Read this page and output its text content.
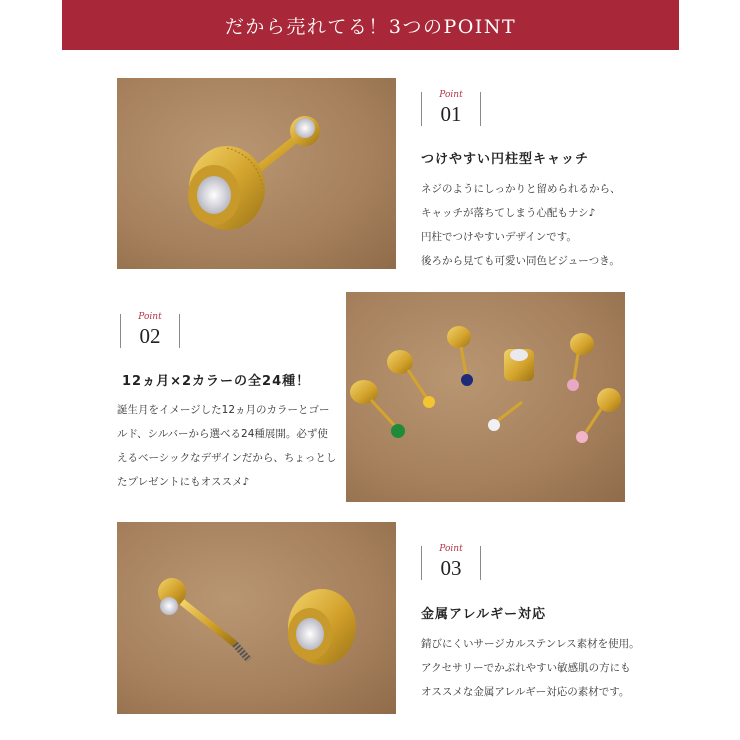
だから売れてる！3つのPOINT
Point
01
つけやすい円柱型キャッチ
ネジのようにしっかりと留められるから、
キャッチが落ちてしまう心配もナシ♪
円柱でつけやすいデザインです。
後ろから見ても可愛い同色ビジューつき。
Point
02
12ヵ月×2カラーの全24種！
誕生月をイメージした12ヵ月のカラーとゴー
ルド、シルバーから選べる24種展開。必ず使
えるベーシックなデザインだから、ちょっとし
たプレゼントにもオススメ♪
Point
03
金属アレルギー対応
錆びにくいサージカルステンレス素材を使用。
アクセサリーでかぶれやすい敏感肌の方にも
オススメな金属アレルギー対応の素材です。
